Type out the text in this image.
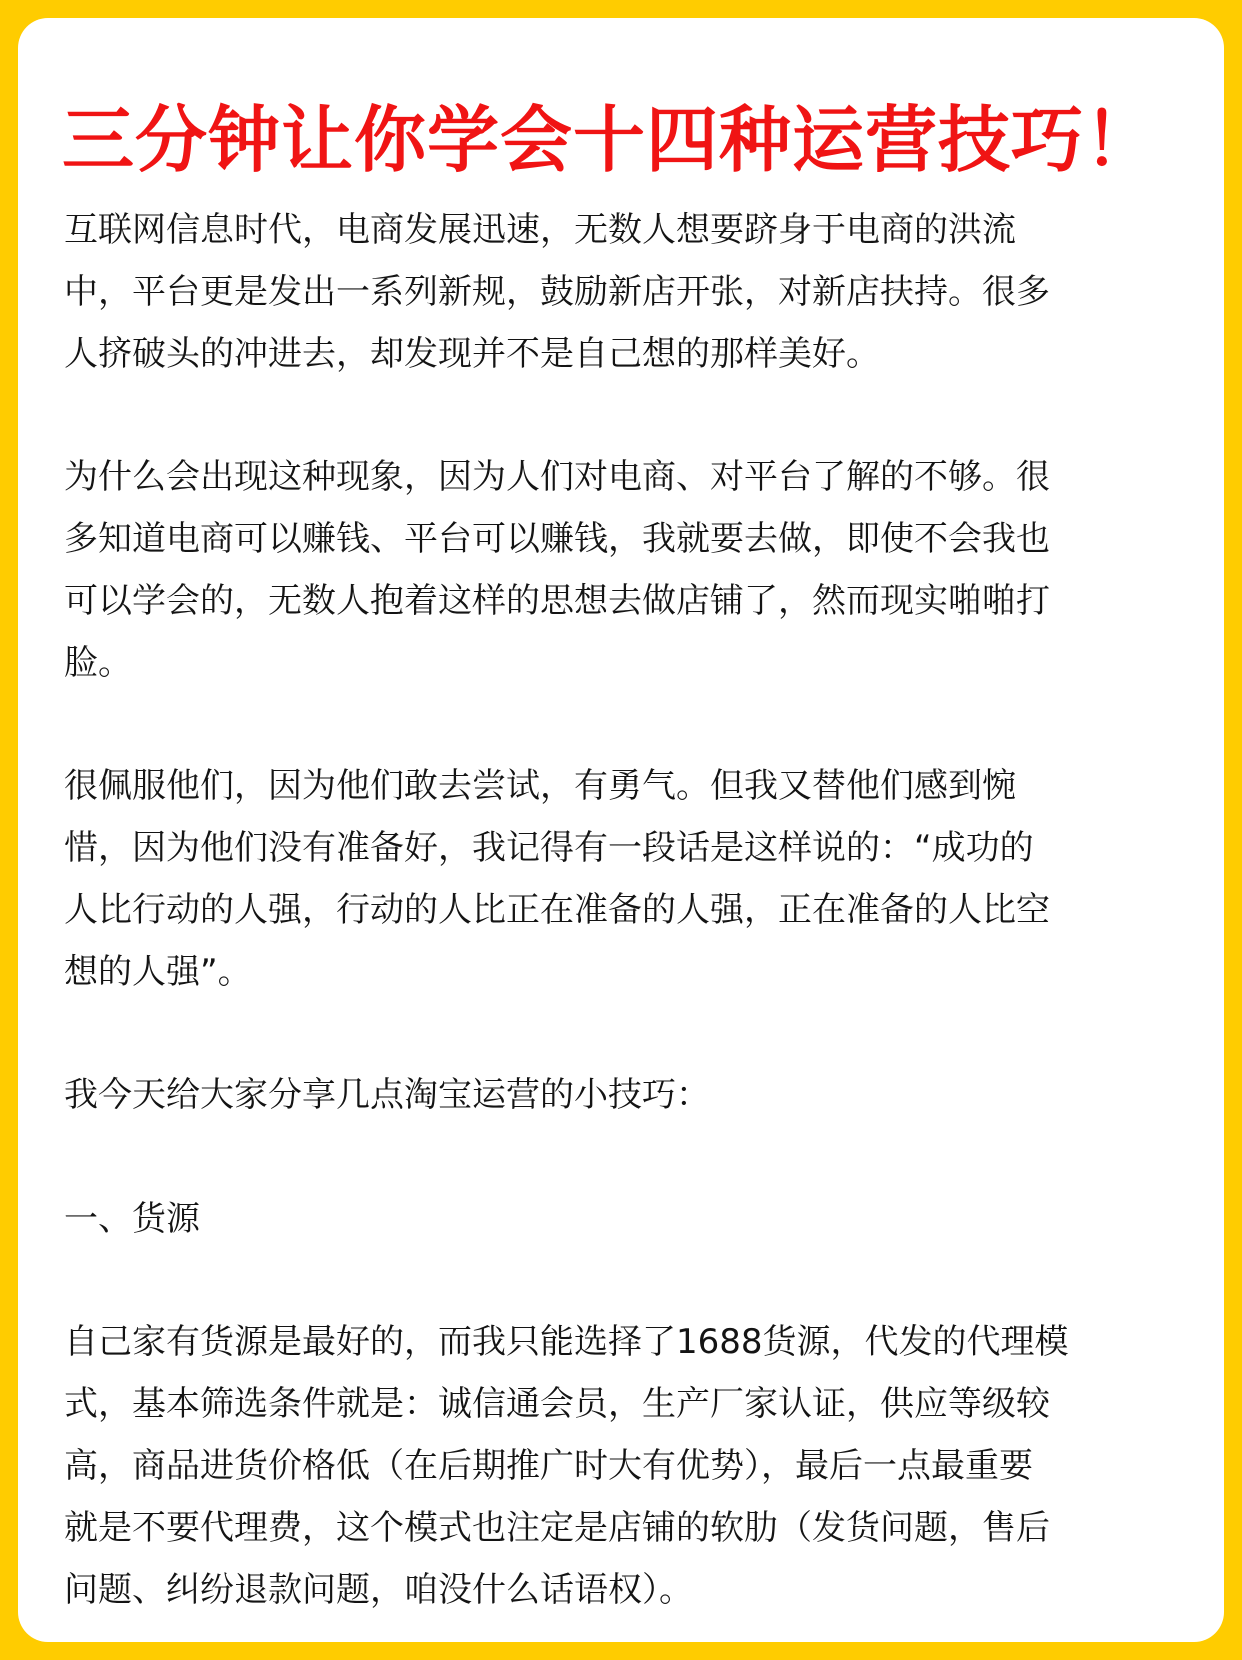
三分钟让你学会十四种运营技巧！

互联网信息时代，电商发展迅速，无数人想要跻身于电商的洪流

中，平台更是发出一系列新规，鼓励新店开张，对新店扶持。很多

人挤破头的冲进去，却发现并不是自己想的那样美好。

为什么会出现这种现象，因为人们对电商、对平台了解的不够。很

多知道电商可以赚钱、平台可以赚钱，我就要去做，即使不会我也

可以学会的，无数人抱着这样的思想去做店铺了，然而现实啪啪打

脸。

很佩服他们，因为他们敢去尝试，有勇气。但我又替他们感到惋

惜，因为他们没有准备好，我记得有一段话是这样说的：“成功的

人比行动的人强，行动的人比正在准备的人强，正在准备的人比空

想的人强”。

我今天给大家分享几点淘宝运营的小技巧：

一、货源

自己家有货源是最好的，而我只能选择了1688货源，代发的代理模

式，基本筛选条件就是：诚信通会员，生产厂家认证，供应等级较

高，商品进货价格低（在后期推广时大有优势），最后一点最重要

就是不要代理费，这个模式也注定是店铺的软肋（发货问题，售后

问题、纠纷退款问题，咱没什么话语权）。
